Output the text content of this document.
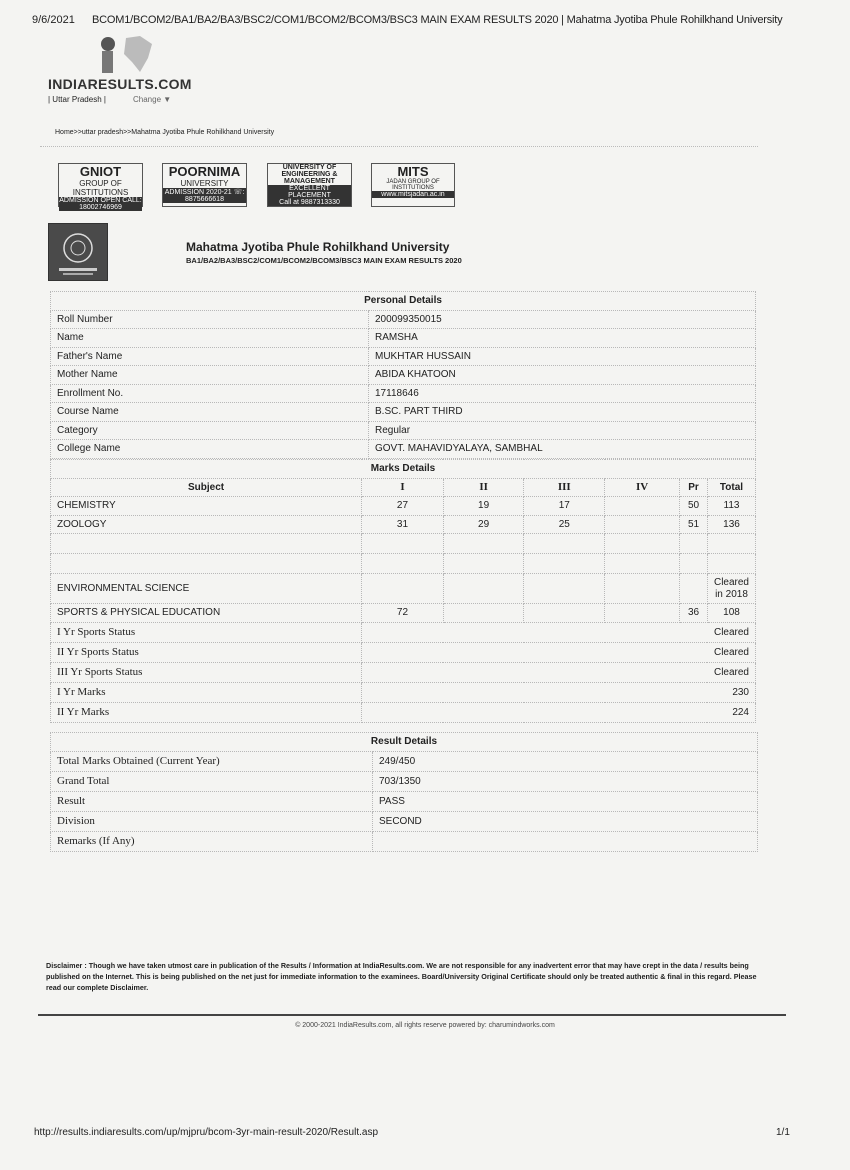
9/6/2021 BCOM1/BCOM2/BA1/BA2/BA3/BSC2/COM1/BCOM2/BCOM3/BSC3 MAIN EXAM RESULTS 2020 | Mahatma Jyotiba Phule Rohilkhand University
INDIARESULTS.COM
| Uttar Pradesh |	Change ▼
Home>>uttar pradesh>>Mahatma Jyotiba Phule Rohilkhand University
GNIOT
GROUP OF INSTITUTIONS
ADMISSION OPEN CALL: 18002746969
POORNIMA
UNIVERSITY
ADMISSION 2020-21 ☏: 8875666618
UNIVERSITY OF ENGINEERING & MANAGEMENT
EXCELLENT PLACEMENT
Call at 9887313330
MITS
JADAN GROUP OF INSTITUTIONS
www.mitsjadan.ac.in
Mahatma Jyotiba Phule Rohilkhand University
BA1/BA2/BA3/BSC2/COM1/BCOM2/BCOM3/BSC3 MAIN EXAM RESULTS 2020
Personal Details	
Roll Number	200099350015
Name	RAMSHA
Father's Name	MUKHTAR HUSSAIN
Mother Name	ABIDA KHATOON
Enrollment No.	17118646
Course Name	B.SC. PART THIRD
Category	Regular
College Name	GOVT. MAHAVIDYALAYA, SAMBHAL
Marks Details						
Subject	I	II	III	IV	Pr	Total
CHEMISTRY	27	19	17		50	113
ZOOLOGY	31	29	25		51	136

ENVIRONMENTAL SCIENCE						Cleared in 2018
SPORTS & PHYSICAL EDUCATION	72				36	108
I Yr Sports Status	Cleared					
II Yr Sports Status	Cleared					
III Yr Sports Status	Cleared					
I Yr Marks	230					
II Yr Marks	224					
Result Details	
Total Marks Obtained (Current Year)	249/450
Grand Total	703/1350
Result	PASS
Division	SECOND
Remarks (If Any)	
Disclaimer : Though we have taken utmost care in publication of the Results / Information at IndiaResults.com. We are not responsible for any inadvertent error that may have crept in the data / results being published on the Internet. This is being published on the net just for immediate information to the examinees. Board/University Original Certificate should only be treated authentic & final in this regard. Please read our complete Disclaimer.
© 2000-2021 IndiaResults.com, all rights reserve powered by: charumindworks.com
http://results.indiaresults.com/up/mjpru/bcom-3yr-main-result-2020/Result.asp	1/1
